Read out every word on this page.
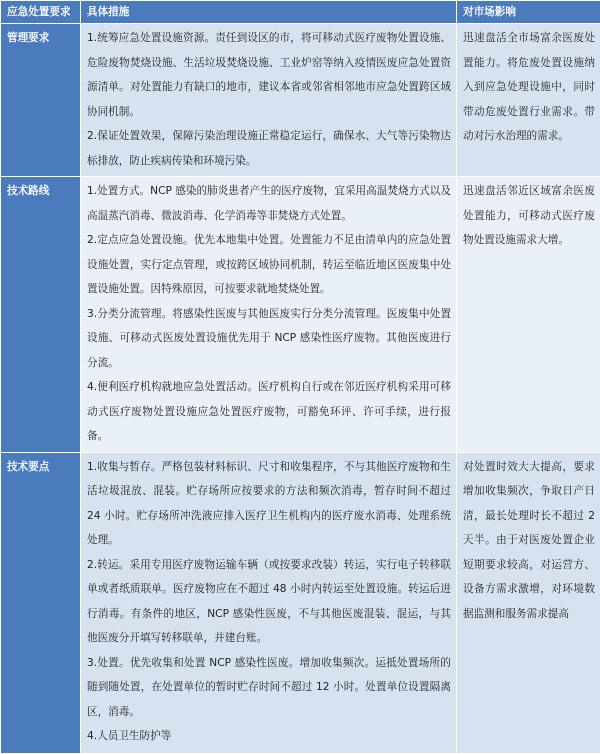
应急处置要求	具体措施	对市场影响
管理要求	1.统筹应急处置设施资源。责任到设区的市，将可移动式医疗废物处置设施、危险废物焚烧设施、生活垃圾焚烧设施、工业炉窑等纳入疫情医废应急处置资源清单。对处置能力有缺口的地市，建议本省或邻省相邻地市应急处置跨区域协同机制。

2.保证处置效果，保障污染治理设施正常稳定运行，确保水、大气等污染物达标排放，防止疾病传染和环境污染。	迅速盘活全市场富余医废处置能力。将危废处置设施纳入到应急处理设施中，同时带动危废处置行业需求。带动对污水治理的需求。
技术路线	1.处置方式。NCP 感染的肺炎患者产生的医疗废物，宜采用高温焚烧方式以及高温蒸汽消毒、微波消毒、化学消毒等非焚烧方式处置。

2.定点应急处置设施。优先本地集中处置。处置能力不足由清单内的应急处置设施处置，实行定点管理，或按跨区域协同机制，转运至临近地区医废集中处置设施处置。因特殊原因，可按要求就地焚烧处置。

3.分类分流管理。将感染性医废与其他医废实行分类分流管理。医废集中处置设施、可移动式医废处置设施优先用于 NCP 感染性医疗废物。其他医废进行分流。

4.便利医疗机构就地应急处置活动。医疗机构自行或在邻近医疗机构采用可移动式医疗废物处置设施应急处置医疗废物，可豁免环评、许可手续，进行报备。	迅速盘活邻近区域富余医废处置能力，可移动式医疗废物处置设施需求大增。
技术要点	1.收集与暂存。严格包装材料标识、尺寸和收集程序，不与其他医疗废物和生活垃圾混放、混装。贮存场所应按要求的方法和频次消毒，暂存时间不超过 24 小时。贮存场所冲洗液应排入医疗卫生机构内的医疗废水消毒、处理系统处理。

2.转运。采用专用医疗废物运输车辆（或按要求改装）转运，实行电子转移联单或者纸质联单。医疗废物应在不超过 48 小时内转运至处置设施。转运后进行消毒。有条件的地区，NCP 感染性医废，不与其他医废混装、混运，与其他医废分开填写转移联单，并建台账。

3.处置。优先收集和处置 NCP 感染性医废。增加收集频次。运抵处置场所的随到随处置，在处置单位的暂时贮存时间不超过 12 小时。处置单位设置隔离区，消毒。

4.人员卫生防护等	对处置时效大大提高，要求增加收集频次，争取日产日清，最长处理时长不超过 2 天半。由于对医废处置企业短期要求较高，对运营方、设备方需求激增，对环境数据监测和服务需求提高
